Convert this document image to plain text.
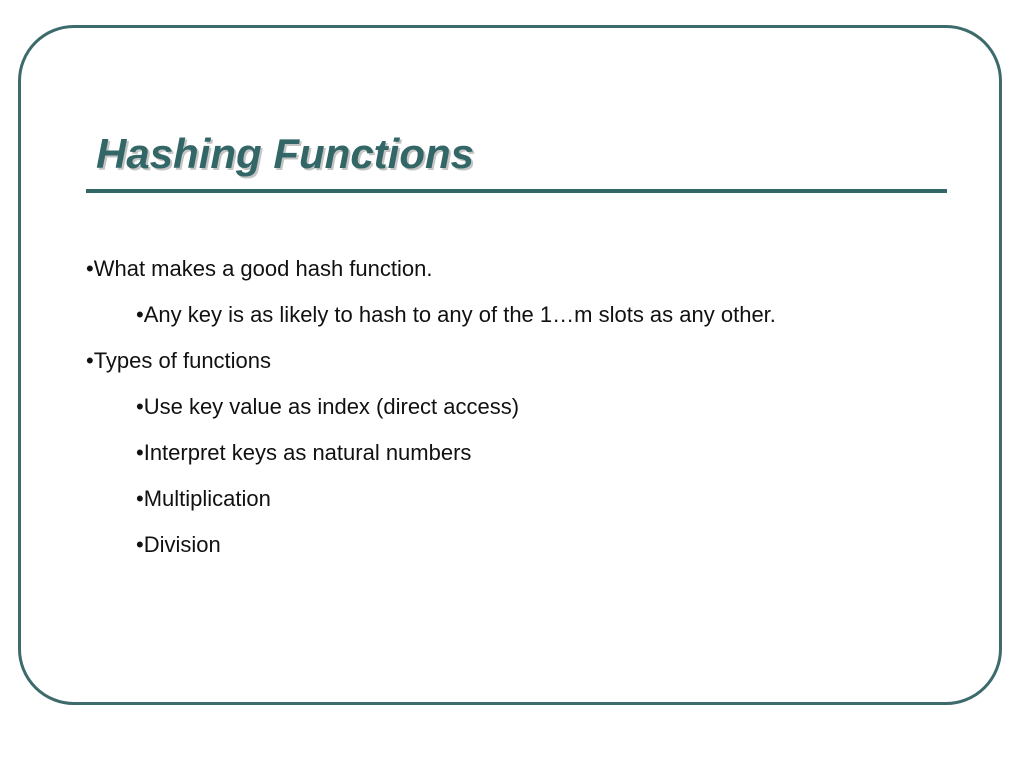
Hashing Functions
•What makes a good hash function.
•Any key is as likely to hash to any of the 1…m slots as any other.
•Types of functions
•Use key value as index (direct access)
•Interpret keys as natural numbers
•Multiplication
•Division
